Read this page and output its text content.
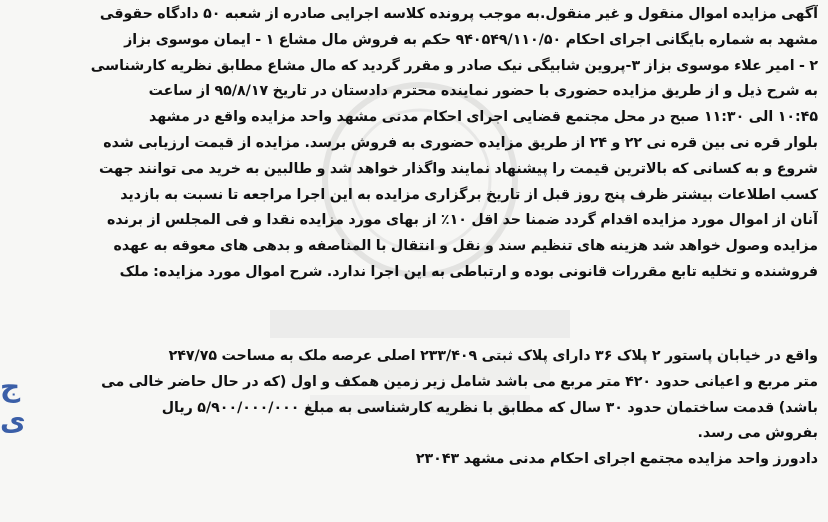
ج
ی
آگهی مزایده اموال منقول و غیر منقول.به موجب پرونده کلاسه اجرایی صادره از شعبه ۵۰ دادگاه حقوقی
مشهد به شماره بایگانی اجرای احکام ۹۴۰۵۴۹/۱۱۰/۵۰ حکم به فروش مال مشاع ۱ - ایمان موسوی بزاز
۲ - امیر علاء موسوی بزاز ۳-پروین شابیگی نیک صادر و مقرر گردید که مال مشاع مطابق نظریه کارشناسی
به شرح ذیل و از طریق مزایده حضوری با حضور نماینده محترم دادستان در تاریخ ۹۵/۸/۱۷ از ساعت
۱۰:۴۵ الی ۱۱:۳۰ صبح در محل مجتمع قضایی اجرای احکام مدنی مشهد واحد مزایده واقع در مشهد
بلوار قره نی بین قره نی ۲۲ و ۲۴ از طریق مزایده حضوری به فروش برسد. مزایده از قیمت ارزیابی شده
شروع و به کسانی که بالاترین قیمت را پیشنهاد نمایند واگذار خواهد شد و طالبین به خرید می توانند جهت
کسب اطلاعات بیشتر ظرف پنج روز قبل از تاریخ برگزاری مزایده به این اجرا مراجعه تا نسبت به بازدید
آنان از اموال مورد مزایده اقدام گردد ضمنا حد اقل ۱۰٪ از بهای مورد مزایده نقدا و فی المجلس از برنده
مزایده وصول خواهد شد هزینه های تنظیم سند و نقل و انتقال با المناصفه و بدهی های معوقه به عهده
فروشنده و تخلیه تابع مقررات قانونی بوده و ارتباطی به این اجرا ندارد. شرح اموال مورد مزایده: ملک
واقع در خیابان پاستور ۲ پلاک ۳۶ دارای پلاک ثبتی ۲۳۳/۴۰۹ اصلی عرصه ملک به مساحت ۲۴۷/۷۵
متر مربع و اعیانی حدود ۴۲۰ متر مربع می باشد شامل زیر زمین همکف و اول (که در حال حاضر خالی می
باشد) قدمت ساختمان حدود ۳۰ سال که مطابق با نظریه کارشناسی به مبلغ ۵/۹۰۰/۰۰۰/۰۰۰ ریال
بفروش می رسد.
دادورز واحد مزایده مجتمع اجرای احکام مدنی مشهد ۲۳۰۴۳
